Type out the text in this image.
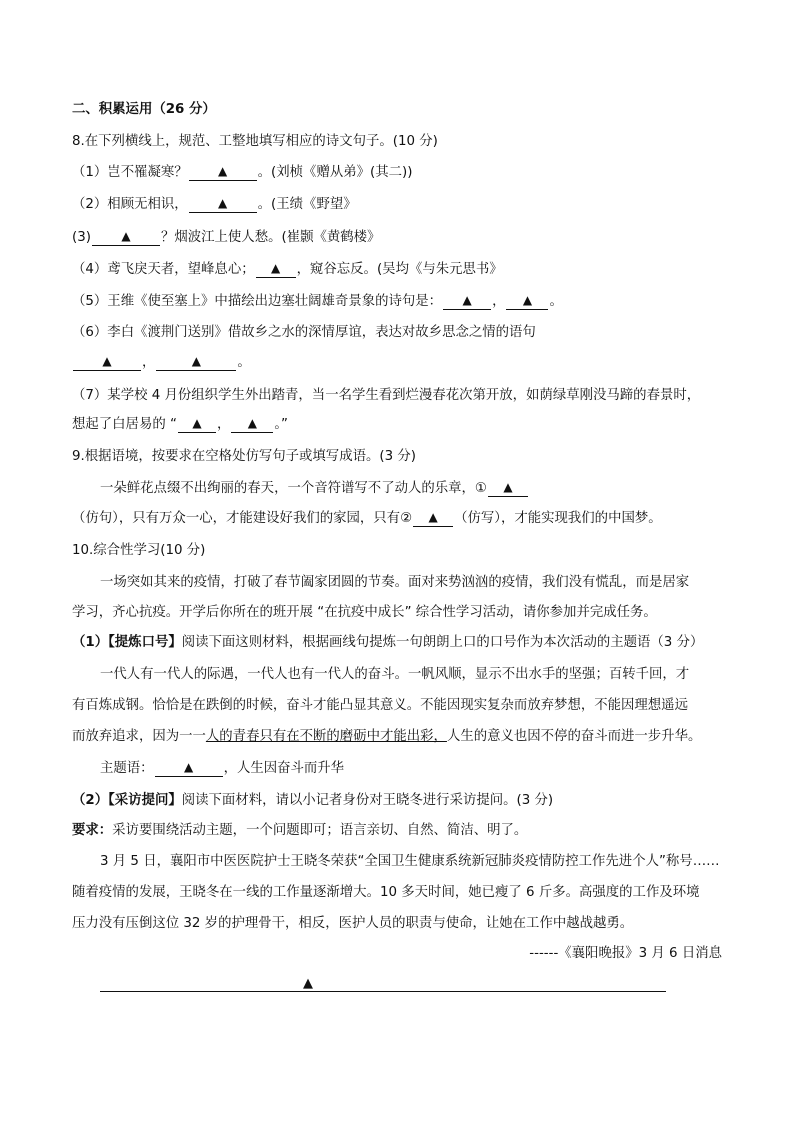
二、积累运用（26 分）
8.在下列横线上，规范、工整地填写相应的诗文句子。(10 分)
（1）岂不罹凝寒？	▲ 。(刘桢《赠从弟》(其二))
（2）相顾无相识，	▲ 。(王绩《野望》
(3)	▲ ？烟波江上使人愁。(崔颢《黄鹤楼》
（4）鸢飞戾天者，望峰息心； ▲ ，窥谷忘反。(吴均《与朱元思书》
（5）王维《使至塞上》中描绘出边塞壮阔雄奇景象的诗句是： ▲ ， ▲ 。
（6）李白《渡荆门送别》借故乡之水的深情厚谊，表达对故乡思念之情的语句
▲ ，	▲	。
（7）某学校 4 月份组织学生外出踏青，当一名学生看到烂漫春花次第开放，如荫绿草刚没马蹄的春景时，
想起了白居易的 “ ▲ ， ▲ 。”
9.根据语境，按要求在空格处仿写句子或填写成语。(3 分)
一朵鲜花点缀不出绚丽的春天，一个音符谱写不了动人的乐章，① ▲
（仿句），只有万众一心，才能建设好我们的家园，只有② ▲ （仿写），才能实现我们的中国梦。
10.综合性学习(10 分)
一场突如其来的疫情，打破了春节阖家团圆的节奏。面对来势汹汹的疫情，我们没有慌乱，而是居家
学习，齐心抗疫。开学后你所在的班开展 “在抗疫中成长” 综合性学习活动，请你参加并完成任务。
（1）【提炼口号】阅读下面这则材料，根据画线句提炼一句朗朗上口的口号作为本次活动的主题语（3 分）
一代人有一代人的际遇，一代人也有一代人的奋斗。一帆风顺，显示不出水手的坚强；百转千回，才
有百炼成钢。恰恰是在跌倒的时候，奋斗才能凸显其意义。不能因现实复杂而放弃梦想，不能因理想遥远
而放弃追求，因为一一人的青春只有在不断的磨砺中才能出彩，人生的意义也因不停的奋斗而进一步升华。
主题语：	▲ ，人生因奋斗而升华
（2）【采访提问】阅读下面材料，请以小记者身份对王晓冬进行采访提问。(3 分)
要求：采访要围绕活动主题，一个问题即可；语言亲切、自然、简洁、明了。
3 月 5 日，襄阳市中医医院护士王晓冬荣获“全国卫生健康系统新冠肺炎疫情防控工作先进个人”称号……
随着疫情的发展，王晓冬在一线的工作量逐渐增大。10 多天时间，她已瘦了 6 斤多。高强度的工作及环境
压力没有压倒这位 32 岁的护理骨干，相反，医护人员的职责与使命，让她在工作中越战越勇。
------《襄阳晚报》3 月 6 日消息
▲
